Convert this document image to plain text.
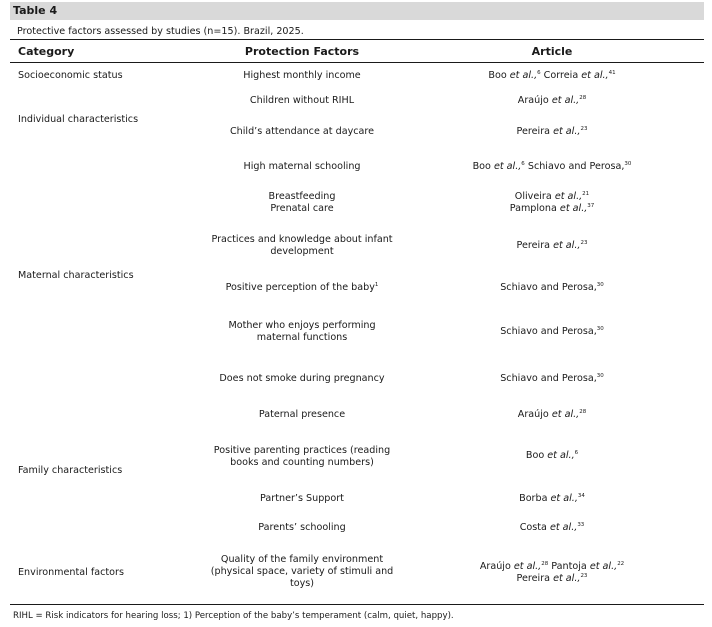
Table 4
Protective factors assessed by studies (n=15). Brazil, 2025.
Category	Protection Factors	Article
Socioeconomic status
Individual characteristics
Maternal characteristics
Family characteristics
Environmental factors
Highest monthly income
Children without RIHL
Child’s attendance at daycare
High maternal schooling
Breastfeeding
Prenatal care
Practices and knowledge about infant
development
Positive perception of the baby$^1$
Mother who enjoys performing
maternal functions
Does not smoke during pregnancy
Paternal presence
Positive parenting practices (reading
books and counting numbers)
Partner’s Support
Parents’ schooling
Quality of the family environment
(physical space, variety of stimuli and
toys)
Boo et al.,$^6$ Correia et al.,$^{41}$
Araújo et al.,$^{28}$
Pereira et al.,$^{23}$
Boo et al.,$^6$ Schiavo and Perosa,$^{30}$
Oliveira et al.,$^{21}$
Pamplona et al.,$^{37}$
Pereira et al.,$^{23}$
Schiavo and Perosa,$^{30}$
Schiavo and Perosa,$^{30}$
Schiavo and Perosa,$^{30}$
Araújo et al.,$^{28}$
Boo et al.,$^6$
Borba et al.,$^{34}$
Costa et al.,$^{33}$
Araújo et al.,$^{28}$ Pantoja et al.,$^{22}$
Pereira et al.,$^{23}$
RIHL = Risk indicators for hearing loss; 1) Perception of the baby’s temperament (calm, quiet, happy).
